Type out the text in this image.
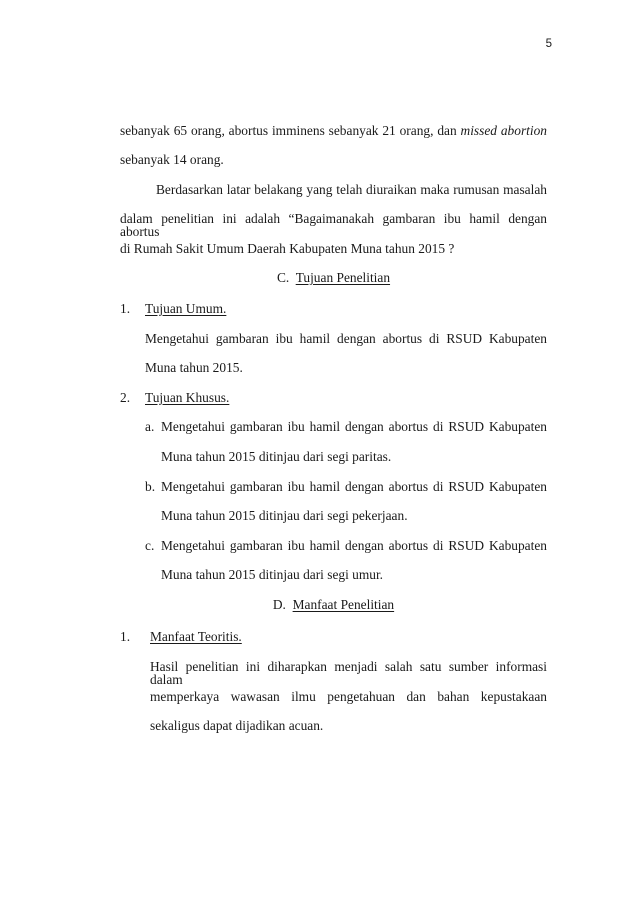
5
sebanyak 65 orang, abortus imminens sebanyak 21 orang, dan missed abortion
sebanyak 14 orang.
Berdasarkan latar belakang yang telah diuraikan maka rumusan masalah
dalam penelitian ini adalah “Bagaimanakah gambaran ibu hamil dengan abortus
di Rumah Sakit Umum Daerah Kabupaten Muna tahun 2015 ?
C. Tujuan Penelitian
1. Tujuan Umum.
Mengetahui gambaran ibu hamil dengan abortus di RSUD Kabupaten
Muna tahun 2015.
2. Tujuan Khusus.
a. Mengetahui gambaran ibu hamil dengan abortus di RSUD Kabupaten
Muna tahun 2015 ditinjau dari segi paritas.
b. Mengetahui gambaran ibu hamil dengan abortus di RSUD Kabupaten
Muna tahun 2015 ditinjau dari segi pekerjaan.
c. Mengetahui gambaran ibu hamil dengan abortus di RSUD Kabupaten
Muna tahun 2015 ditinjau dari segi umur.
D. Manfaat Penelitian
1. Manfaat Teoritis.
Hasil penelitian ini diharapkan menjadi salah satu sumber informasi dalam
memperkaya wawasan ilmu pengetahuan dan bahan kepustakaan
sekaligus dapat dijadikan acuan.
